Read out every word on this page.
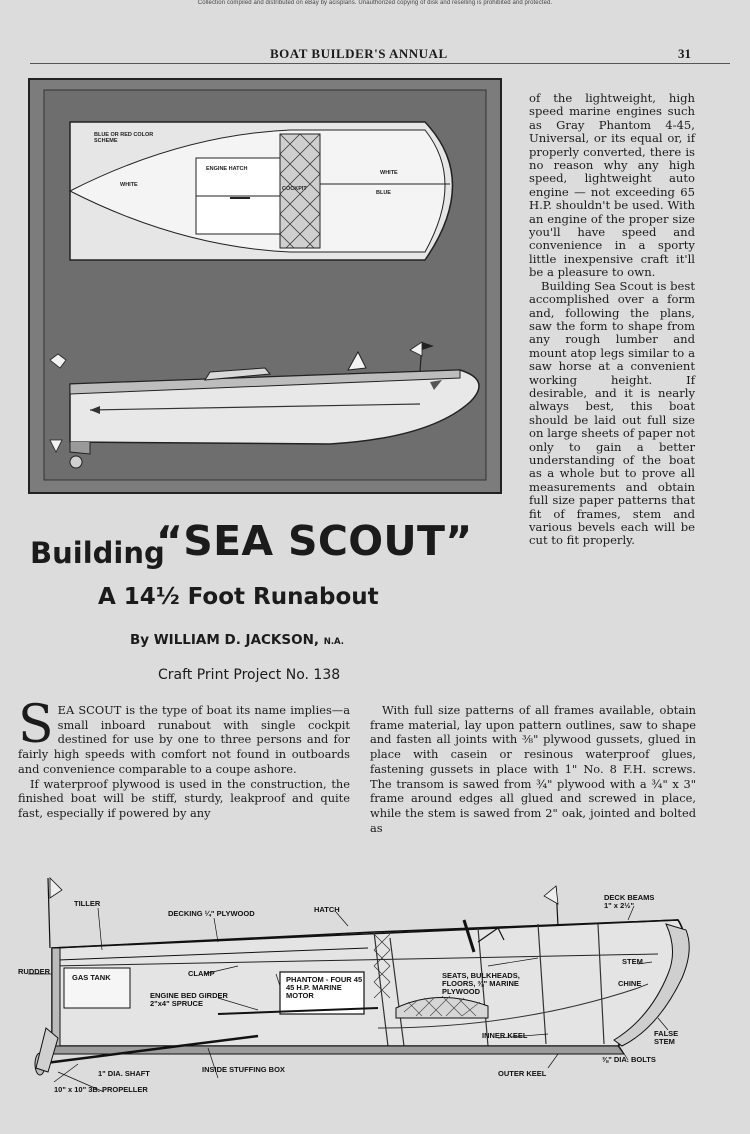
Collection compiled and distributed on eBay by acisplans. Unauthorized copying of disk and reselling is prohibited and protected.
BOAT BUILDER'S ANNUAL	31
BLUE OR RED COLOR SCHEME
WHITE
ENGINE HATCH
COCKPIT
WHITE
BLUE

of the lightweight, high speed marine engines such as Gray Phantom 4-45, Universal, or its equal or, if properly converted, there is no reason why any high speed, lightweight auto engine — not exceeding 65 H.P. shouldn't be used. With an engine of the proper size you'll have speed and convenience in a sporty little inexpensive craft it'll be a pleasure to own.

Building Sea Scout is best accomplished over a form and, following the plans, saw the form to shape from any rough lumber and mount atop legs similar to a saw horse at a convenient working height. If desirable, and it is nearly always best, this boat should be laid out full size on large sheets of paper not only to gain a better understanding of the boat as a whole but to prove all measurements and obtain full size paper patterns that fit of frames, stem and various bevels each will be cut to fit properly.

Building
“SEA SCOUT”
A 14½ Foot Runabout
By WILLIAM D. JACKSON, N.A.
Craft Print Project No. 138

SEA SCOUT is the type of boat its name implies—a small inboard runabout with single cockpit destined for use by one to three persons and for fairly high speeds with comfort not found in outboards and convenience comparable to a coupe ashore.

If waterproof plywood is used in the construction, the finished boat will be stiff, sturdy, leakproof and quite fast, especially if powered by any

With full size patterns of all frames available, obtain frame material, lay upon pattern outlines, saw to shape and fasten all joints with ⅜" plywood gussets, glued in place with casein or resinous waterproof glues, fastening gussets in place with 1" No. 8 F.H. screws. The transom is sawed from ¾" plywood with a ¾" x 3" frame around edges all glued and screwed in place, while the stem is sawed from 2" oak, jointed and bolted as

TILLER
DECKING ¼" PLYWOOD	HATCH
DECK BEAMS 1" x 2½"
RUDDER
GAS TANK	CLAMP
PHANTOM - FOUR 45 45 H.P. MARINE MOTOR
SEATS, BULKHEADS, FLOORS, ⅜" MARINE PLYWOOD
STEM
CHINE
ENGINE BED GIRDER 2"x4" SPRUCE
INNER KEEL	FALSE STEM
1" DIA. SHAFT	INSIDE STUFFING BOX	OUTER KEEL
⅜" DIA. BOLTS
10" x 10" 3B. PROPELLER
